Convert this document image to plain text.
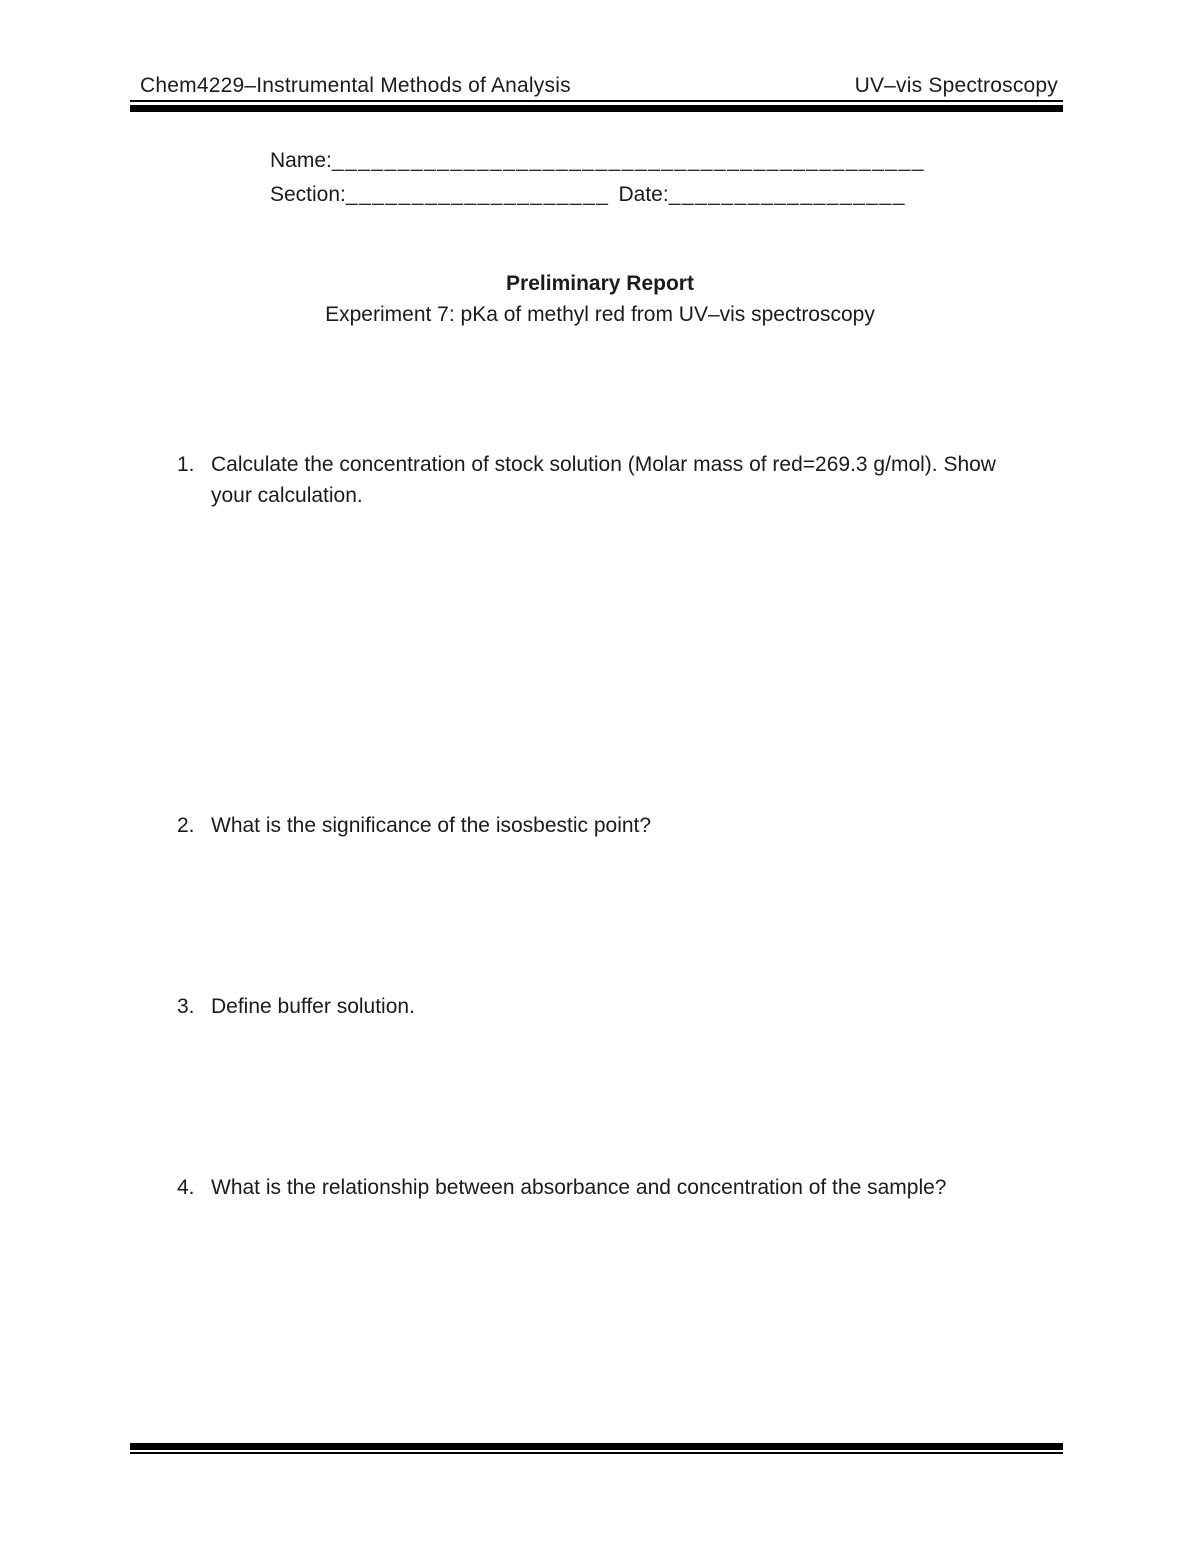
Chem4229–Instrumental Methods of Analysis	UV–vis Spectroscopy
Name: _____________________________________________
Section: ____________________ Date: __________________
Preliminary Report
Experiment 7: pKa of methyl red from UV–vis spectroscopy
1. Calculate the concentration of stock solution (Molar mass of red=269.3 g/mol). Show your calculation.
2. What is the significance of the isosbestic point?
3. Define buffer solution.
4. What is the relationship between absorbance and concentration of the sample?
